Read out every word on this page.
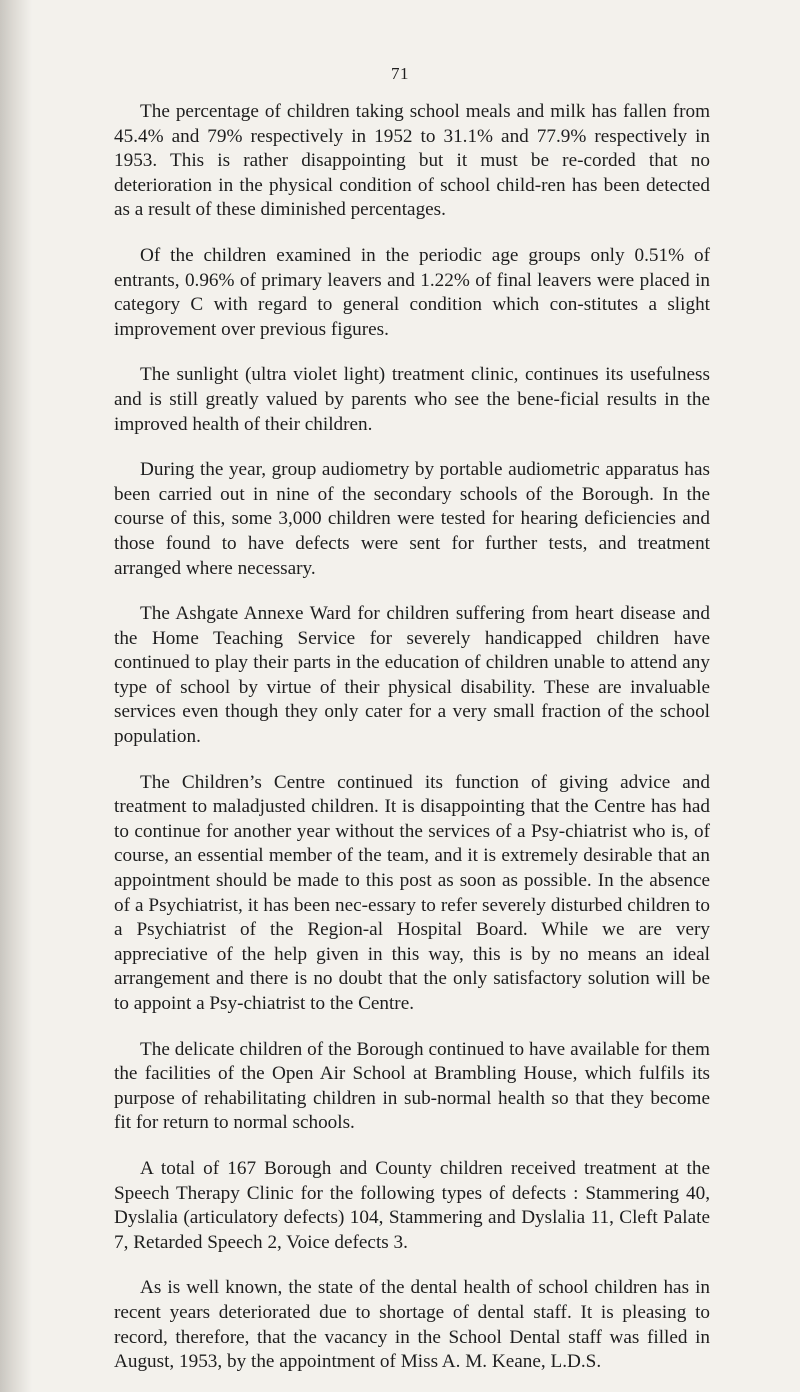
71

The percentage of children taking school meals and milk has fallen from 45.4% and 79% respectively in 1952 to 31.1% and 77.9% respectively in 1953. This is rather disappointing but it must be re-corded that no deterioration in the physical condition of school child-ren has been detected as a result of these diminished percentages.

Of the children examined in the periodic age groups only 0.51% of entrants, 0.96% of primary leavers and 1.22% of final leavers were placed in category C with regard to general condition which con-stitutes a slight improvement over previous figures.

The sunlight (ultra violet light) treatment clinic, continues its usefulness and is still greatly valued by parents who see the bene-ficial results in the improved health of their children.

During the year, group audiometry by portable audiometric apparatus has been carried out in nine of the secondary schools of the Borough. In the course of this, some 3,000 children were tested for hearing deficiencies and those found to have defects were sent for further tests, and treatment arranged where necessary.

The Ashgate Annexe Ward for children suffering from heart disease and the Home Teaching Service for severely handicapped children have continued to play their parts in the education of children unable to attend any type of school by virtue of their physical disability. These are invaluable services even though they only cater for a very small fraction of the school population.

The Children’s Centre continued its function of giving advice and treatment to maladjusted children. It is disappointing that the Centre has had to continue for another year without the services of a Psy-chiatrist who is, of course, an essential member of the team, and it is extremely desirable that an appointment should be made to this post as soon as possible. In the absence of a Psychiatrist, it has been nec-essary to refer severely disturbed children to a Psychiatrist of the Region-al Hospital Board. While we are very appreciative of the help given in this way, this is by no means an ideal arrangement and there is no doubt that the only satisfactory solution will be to appoint a Psy-chiatrist to the Centre.

The delicate children of the Borough continued to have available for them the facilities of the Open Air School at Brambling House, which fulfils its purpose of rehabilitating children in sub-normal health so that they become fit for return to normal schools.

A total of 167 Borough and County children received treatment at the Speech Therapy Clinic for the following types of defects : Stammering 40, Dyslalia (articulatory defects) 104, Stammering and Dyslalia 11, Cleft Palate 7, Retarded Speech 2, Voice defects 3.

As is well known, the state of the dental health of school children has in recent years deteriorated due to shortage of dental staff. It is pleasing to record, therefore, that the vacancy in the School Dental staff was filled in August, 1953, by the appointment of Miss A. M. Keane, L.D.S.
